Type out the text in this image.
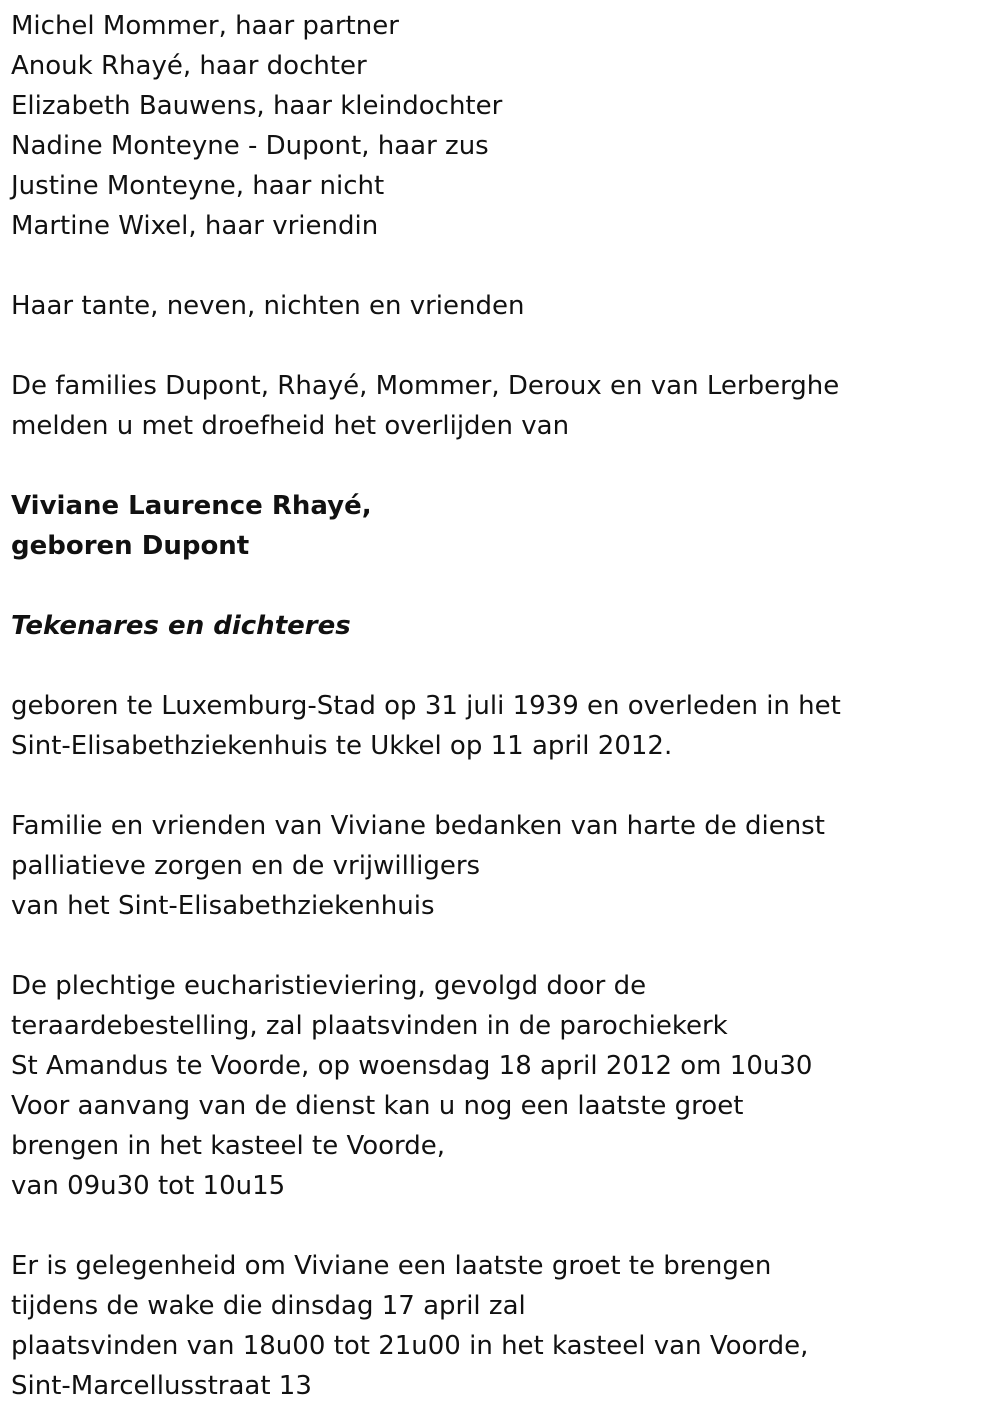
Michel Mommer, haar partner
Anouk Rhayé, haar dochter
Elizabeth Bauwens, haar kleindochter
Nadine Monteyne - Dupont, haar zus
Justine Monteyne, haar nicht
Martine Wixel, haar vriendin
Haar tante, neven, nichten en vrienden
De families Dupont, Rhayé, Mommer, Deroux en van Lerberghe
melden u met droefheid het overlijden van
Viviane Laurence Rhayé,
geboren Dupont
Tekenares en dichteres
geboren te Luxemburg-Stad op 31 juli 1939 en overleden in het
Sint-Elisabethziekenhuis te Ukkel op 11 april 2012.
Familie en vrienden van Viviane bedanken van harte de dienst
palliatieve zorgen en de vrijwilligers
van het Sint-Elisabethziekenhuis
De plechtige eucharistieviering, gevolgd door de
teraardebestelling, zal plaatsvinden in de parochiekerk
St Amandus te Voorde, op woensdag 18 april 2012 om 10u30
Voor aanvang van de dienst kan u nog een laatste groet
brengen in het kasteel te Voorde,
van 09u30 tot 10u15
Er is gelegenheid om Viviane een laatste groet te brengen
tijdens de wake die dinsdag 17 april zal
plaatsvinden van 18u00 tot 21u00 in het kasteel van Voorde,
Sint-Marcellusstraat 13
